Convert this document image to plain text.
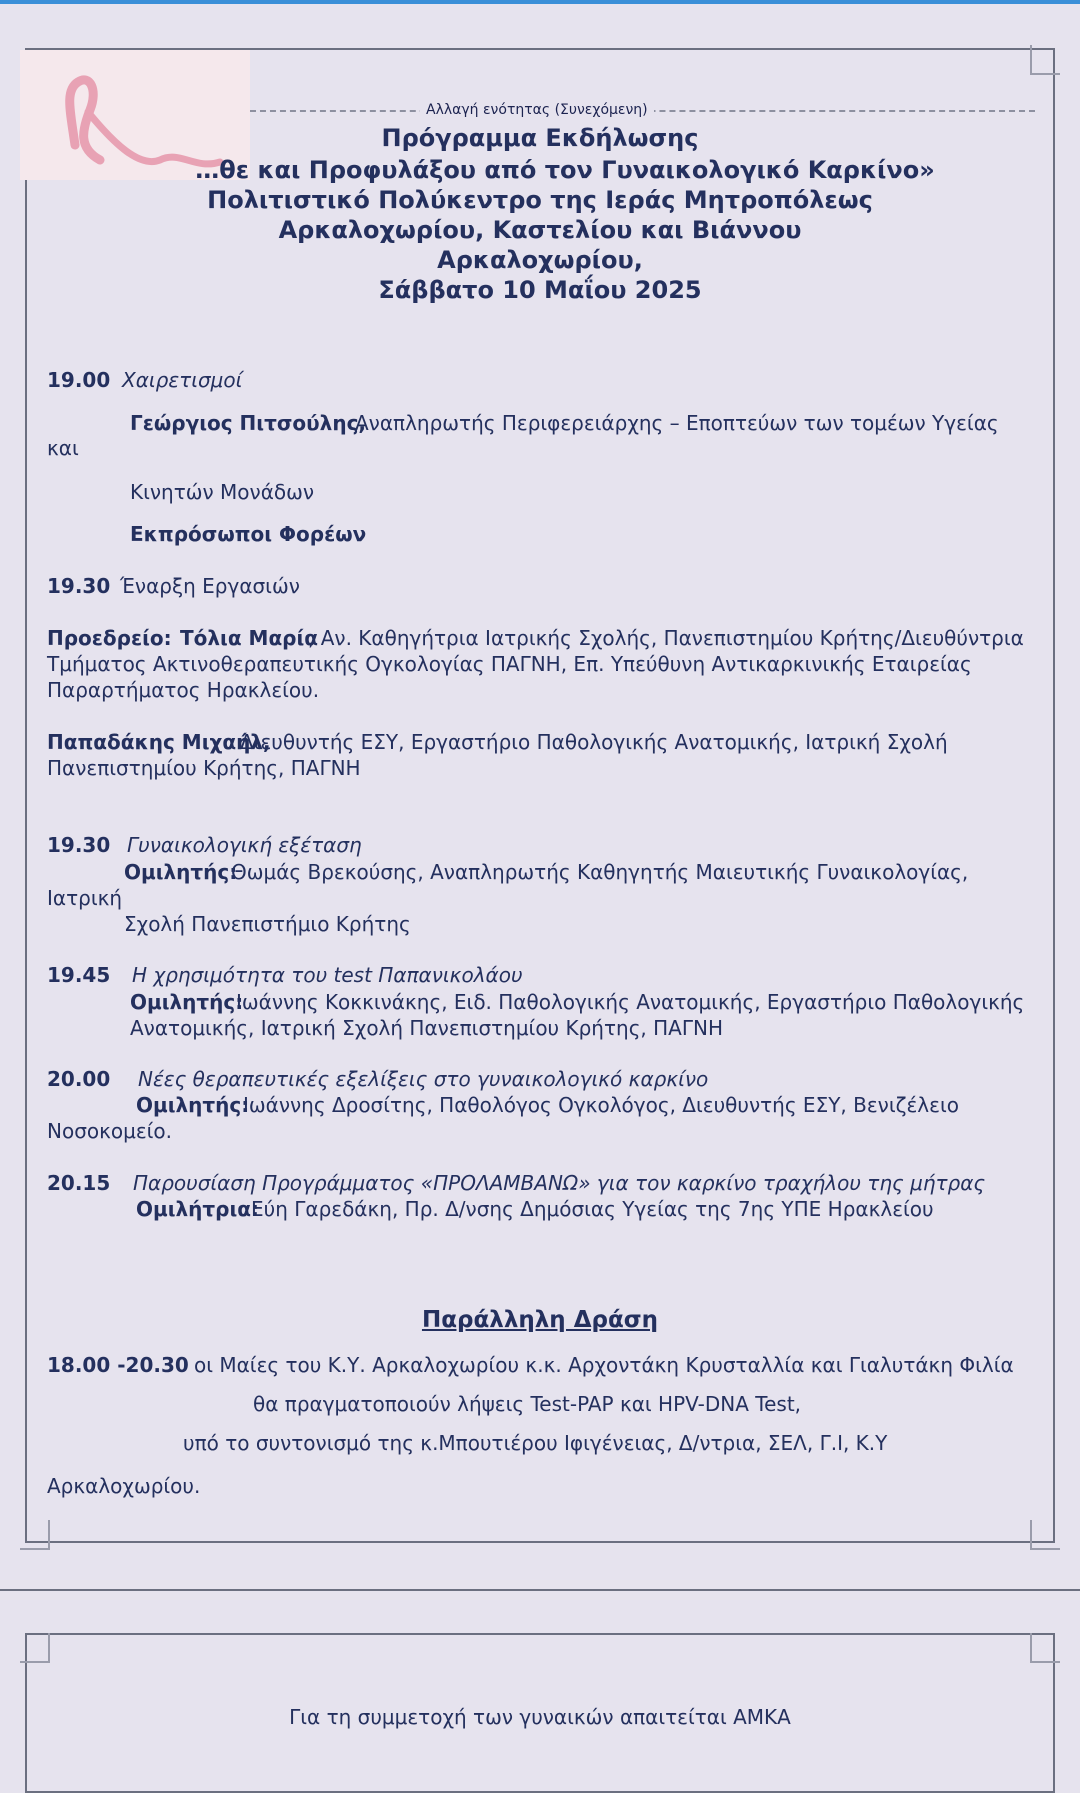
Αλλαγή ενότητας (Συνεχόμενη)
Πρόγραμμα Εκδήλωσης
…θε και Προφυλάξου από τον Γυναικολογικό Καρκίνο»
Πολιτιστικό Πολύκεντρο της Ιεράς Μητροπόλεως
Αρκαλοχωρίου, Καστελίου και Βιάννου
Αρκαλοχωρίου,
Σάββατο 10 Μαΐου 2025
19.00 Χαιρετισμοί
Γεώργιος Πιτσούλης,
Αναπληρωτής Περιφερειάρχης – Εποπτεύων των τομέων Υγείας
και
Κινητών Μονάδων
Εκπρόσωποι Φορέων
19.30 Έναρξη Εργασιών
Προεδρείο: Τόλια Μαρία
, Αν. Καθηγήτρια Ιατρικής Σχολής, Πανεπιστημίου Κρήτης/Διευθύντρια
Τμήματος Ακτινοθεραπευτικής Ογκολογίας ΠΑΓΝΗ, Επ. Υπεύθυνη Αντικαρκινικής Εταιρείας
Παραρτήματος Ηρακλείου.
Παπαδάκης Μιχαήλ,
Διευθυντής ΕΣΥ, Εργαστήριο Παθολογικής Ανατομικής, Ιατρική Σχολή
Πανεπιστημίου Κρήτης, ΠΑΓΝΗ
19.30 Γυναικολογική εξέταση
Ομιλητής:
Θωμάς Βρεκούσης, Αναπληρωτής Καθηγητής Μαιευτικής Γυναικολογίας,
Ιατρική
Σχολή Πανεπιστήμιο Κρήτης
19.45 Η χρησιμότητα του test Παπανικολάου
Ομιλητής:
Ιωάννης Κοκκινάκης, Ειδ. Παθολογικής Ανατομικής, Εργαστήριο Παθολογικής
Ανατομικής, Ιατρική Σχολή Πανεπιστημίου Κρήτης, ΠΑΓΝΗ
20.00 Νέες θεραπευτικές εξελίξεις στο γυναικολογικό καρκίνο
Ομιλητής:
Ιωάννης Δροσίτης, Παθολόγος Ογκολόγος, Διευθυντής ΕΣΥ, Βενιζέλειο
Νοσοκομείο.
20.15 Παρουσίαση Προγράμματος «ΠΡΟΛΑΜΒΑΝΩ» για τον καρκίνο τραχήλου της μήτρας
Ομιλήτρια:
Εύη Γαρεδάκη, Πρ. Δ/νσης Δημόσιας Υγείας της 7ης ΥΠΕ Ηρακλείου
Παράλληλη Δράση
18.00 -20.30 οι Μαίες του Κ.Υ. Αρκαλοχωρίου κ.κ. Αρχοντάκη Κρυσταλλία και Γιαλυτάκη Φιλία
θα πραγματοποιούν λήψεις Test-PAP και HPV-DNA Test,
υπό το συντονισμό της κ.Μπουτιέρου Ιφιγένειας, Δ/ντρια, ΣΕΛ, Γ.Ι, Κ.Υ
Αρκαλοχωρίου.
Για τη συμμετοχή των γυναικών απαιτείται ΑΜΚΑ
